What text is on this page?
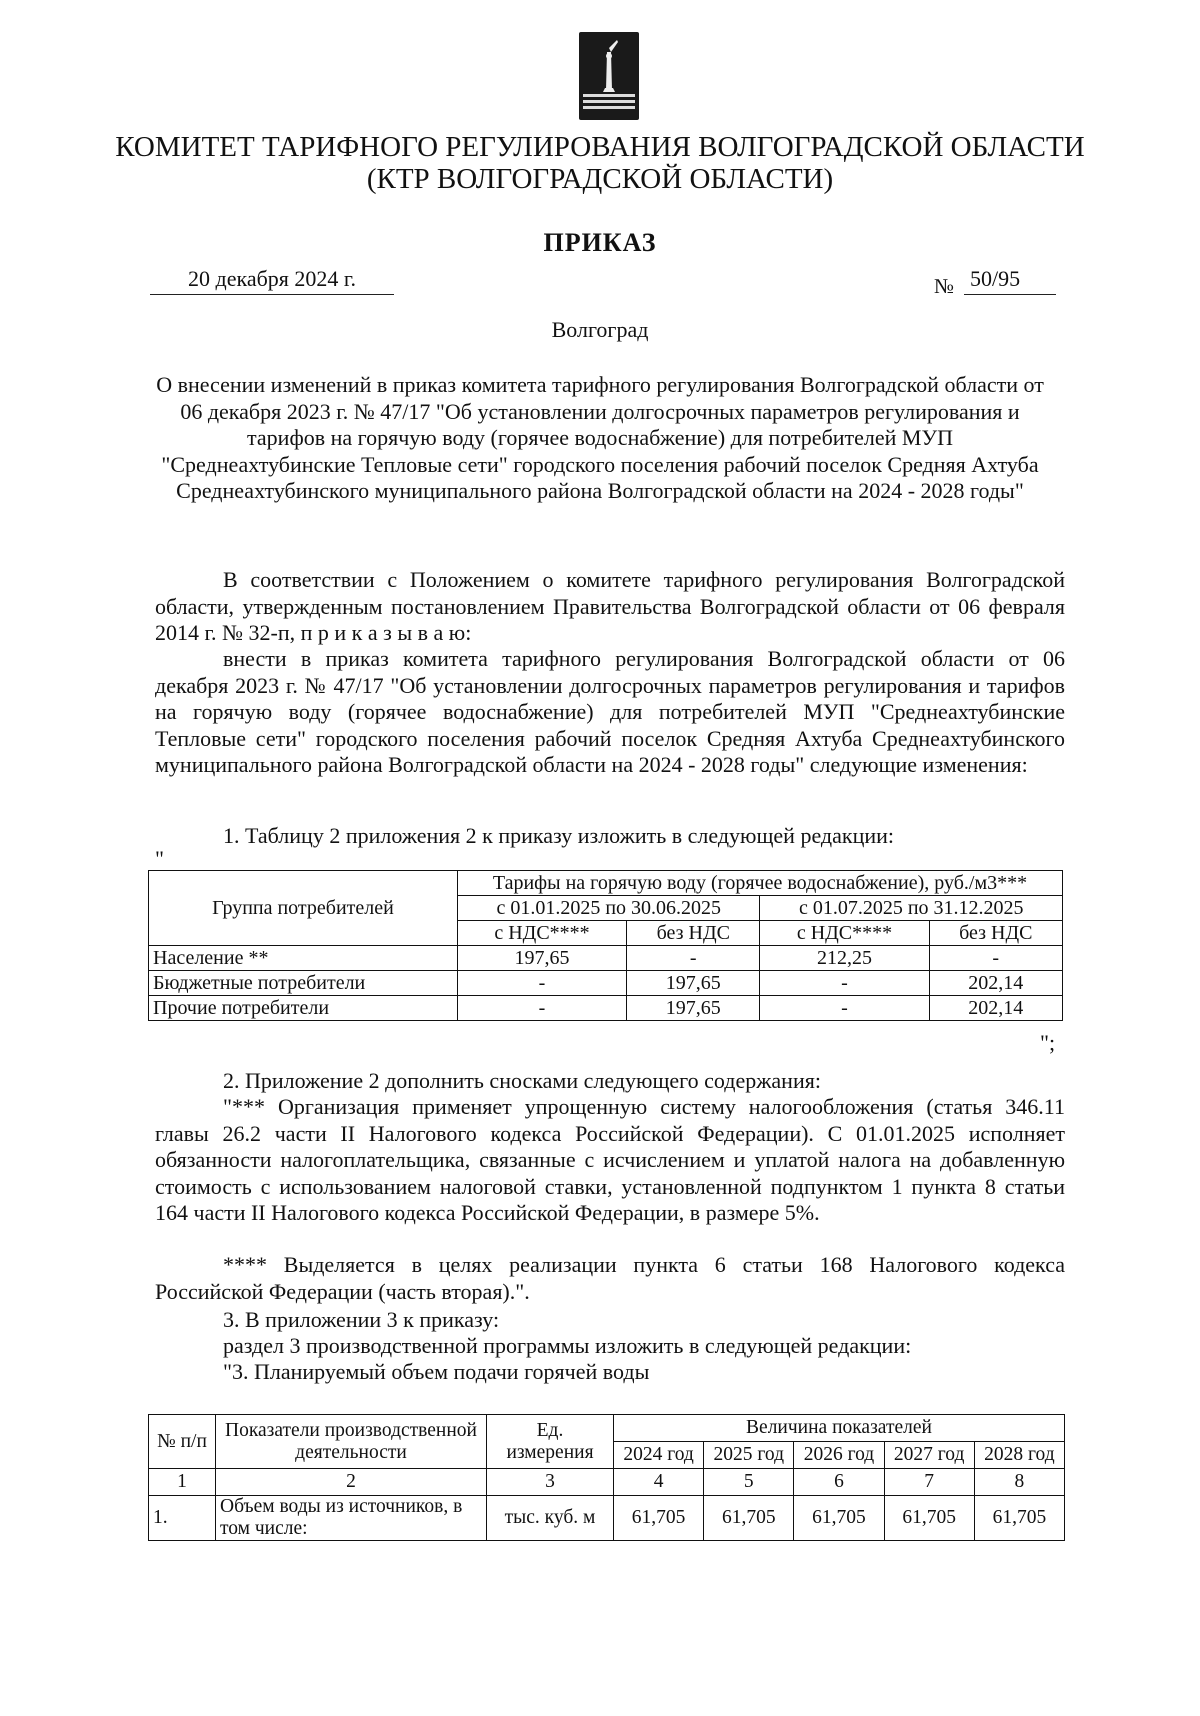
КОМИТЕТ ТАРИФНОГО РЕГУЛИРОВАНИЯ ВОЛГОГРАДСКОЙ ОБЛАСТИ
(КТР ВОЛГОГРАДСКОЙ ОБЛАСТИ)
ПРИКАЗ
20 декабря 2024 г.	№ 50/95
Волгоград
О внесении изменений в приказ комитета тарифного регулирования Волгоградской области от 06 декабря 2023 г. № 47/17 "Об установлении долгосрочных параметров регулирования и тарифов на горячую воду (горячее водоснабжение) для потребителей МУП "Среднеахтубинские Тепловые сети" городского поселения рабочий поселок Средняя Ахтуба Среднеахтубинского муниципального района Волгоградской области на 2024 - 2028 годы"
В соответствии с Положением о комитете тарифного регулирования Волгоградской области, утвержденным постановлением Правительства Волгоградской области от 06 февраля 2014 г. № 32-п, п р и к а з ы в а ю:
внести в приказ комитета тарифного регулирования Волгоградской области от 06 декабря 2023 г. № 47/17 "Об установлении долгосрочных параметров регулирования и тарифов на горячую воду (горячее водоснабжение) для потребителей МУП "Среднеахтубинские Тепловые сети" городского поселения рабочий поселок Средняя Ахтуба Среднеахтубинского муниципального района Волгоградской области на 2024 - 2028 годы" следующие изменения:
1. Таблицу 2 приложения 2 к приказу изложить в следующей редакции:
"
Группа потребителей	Тарифы на горячую воду (горячее водоснабжение), руб./м3***			
	с 01.01.2025 по 30.06.2025		с 01.07.2025 по 31.12.2025	
	с НДС****	без НДС	с НДС****	без НДС
Население **	197,65	-	212,25	-
Бюджетные потребители	-	197,65	-	202,14
Прочие потребители	-	197,65	-	202,14
";
2. Приложение 2 дополнить сносками следующего содержания:
"*** Организация применяет упрощенную систему налогообложения (статья 346.11 главы 26.2 части II Налогового кодекса Российской Федерации). С 01.01.2025 исполняет обязанности налогоплательщика, связанные с исчислением и уплатой налога на добавленную стоимость с использованием налоговой ставки, установленной подпунктом 1 пункта 8 статьи 164 части II Налогового кодекса Российской Федерации, в размере 5%.
**** Выделяется в целях реализации пункта 6 статьи 168 Налогового кодекса Российской Федерации (часть вторая).".
3. В приложении 3 к приказу:
раздел 3 производственной программы изложить в следующей редакции:
"3. Планируемый объем подачи горячей воды
№ п/п	Показатели производственной деятельности	Ед. измерения	Величина показателей				
			2024 год	2025 год	2026 год	2027 год	2028 год
1	2	3	4	5	6	7	8
1.	Объем воды из источников, в том числе:	тыс. куб. м	61,705	61,705	61,705	61,705	61,705
